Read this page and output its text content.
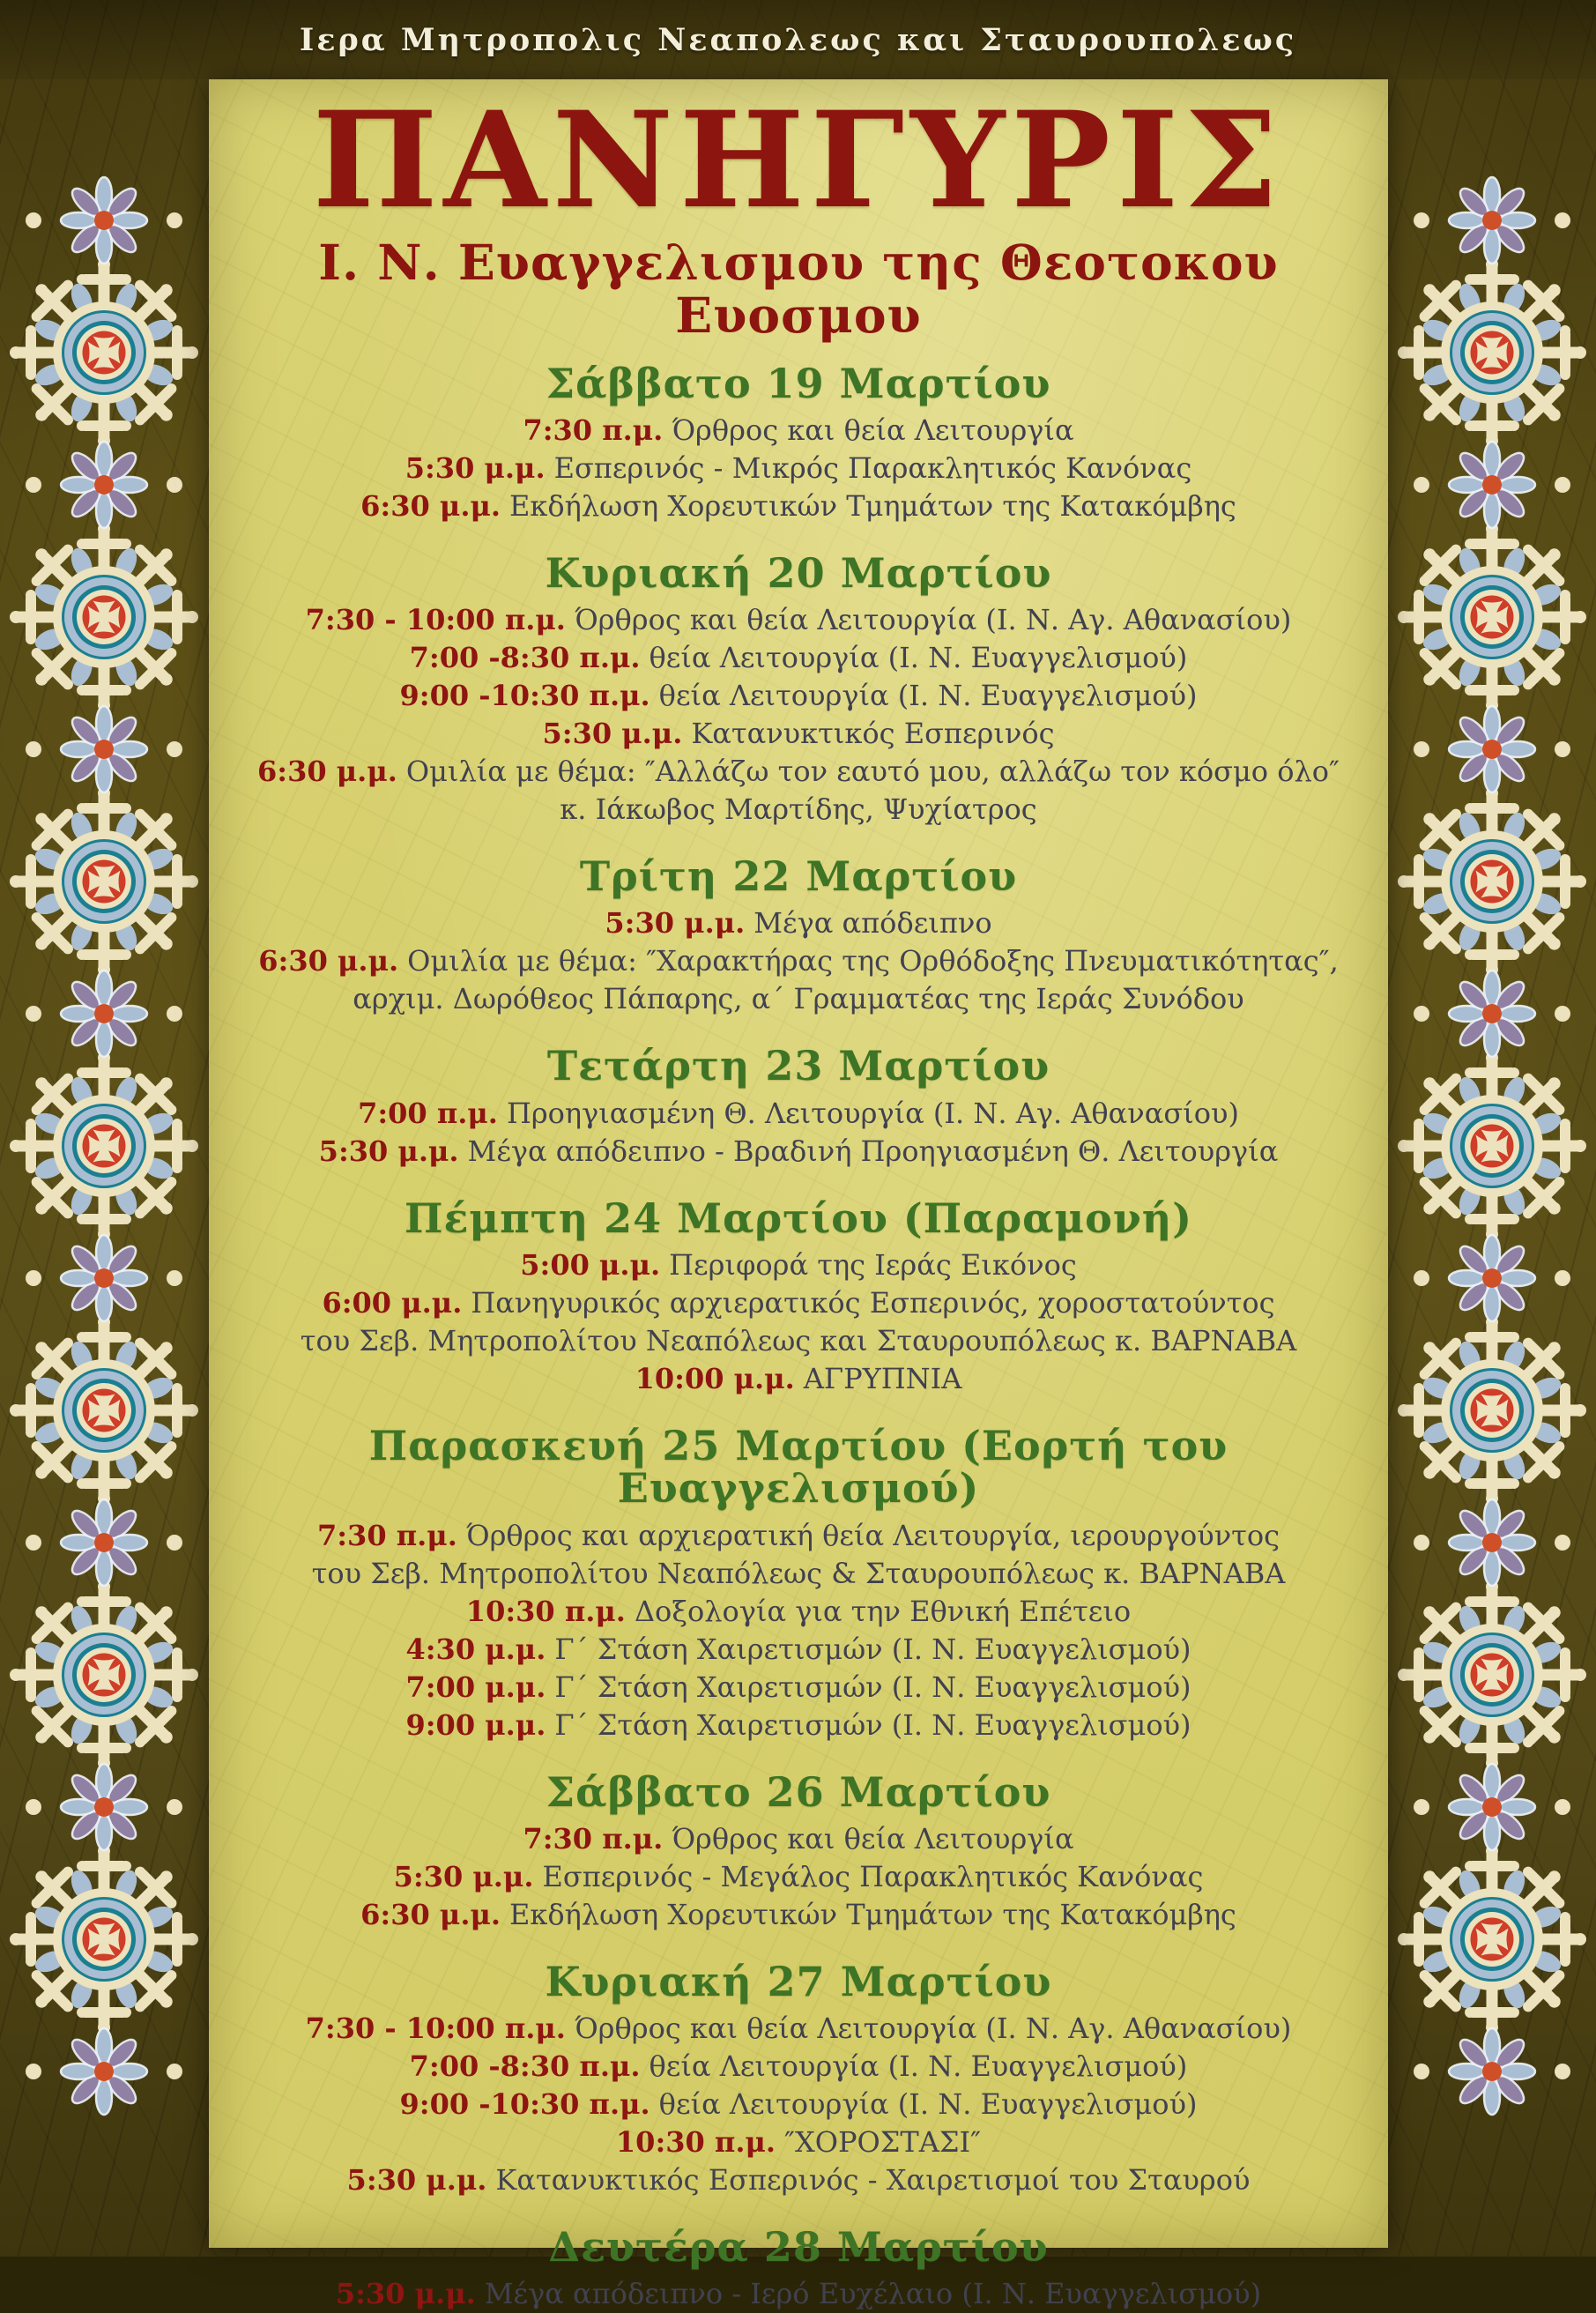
Ιερα Μητροπολις Νεαπολεως και Σταυρουπολεως
ΠΑΝΗΓΥΡΙΣ
Ι. Ν. Ευαγγελισμου της Θεοτοκου Ευοσμου
Σάββατο 19 Μαρτίου

7:30 π.μ. Όρθρος και θεία Λειτουργία

5:30 μ.μ. Εσπερινός - Μικρός Παρακλητικός Κανόνας

6:30 μ.μ. Εκδήλωση Χορευτικών Τμημάτων της Κατακόμβης

Κυριακή 20 Μαρτίου

7:30 - 10:00 π.μ. Όρθρος και θεία Λειτουργία (Ι. Ν. Αγ. Αθανασίου)

7:00 -8:30 π.μ. θεία Λειτουργία (Ι. Ν. Ευαγγελισμού)

9:00 -10:30 π.μ. θεία Λειτουργία (Ι. Ν. Ευαγγελισμού)

5:30 μ.μ. Κατανυκτικός Εσπερινός

6:30 μ.μ. Ομιλία με θέμα: ″Αλλάζω τον εαυτό μου, αλλάζω τον κόσμο όλο″

κ. Ιάκωβος Μαρτίδης, Ψυχίατρος

Τρίτη 22 Μαρτίου

5:30 μ.μ. Μέγα απόδειπνο

6:30 μ.μ. Ομιλία με θέμα: ″Χαρακτήρας της Ορθόδοξης Πνευματικότητας″,

αρχιμ. Δωρόθεος Πάπαρης, α΄ Γραμματέας της Ιεράς Συνόδου

Τετάρτη 23 Μαρτίου

7:00 π.μ. Προηγιασμένη Θ. Λειτουργία (Ι. Ν. Αγ. Αθανασίου)

5:30 μ.μ. Μέγα απόδειπνο - Βραδινή Προηγιασμένη Θ. Λειτουργία

Πέμπτη 24 Μαρτίου (Παραμονή)

5:00 μ.μ. Περιφορά της Ιεράς Εικόνος

6:00 μ.μ. Πανηγυρικός αρχιερατικός Εσπερινός, χοροστατούντος

του Σεβ. Μητροπολίτου Νεαπόλεως και Σταυρουπόλεως κ. ΒΑΡΝΑΒΑ

10:00 μ.μ. ΑΓΡΥΠΝΙΑ

Παρασκευή 25 Μαρτίου (Εορτή του Ευαγγελισμού)

7:30 π.μ. Όρθρος και αρχιερατική θεία Λειτουργία, ιερουργούντος

του Σεβ. Μητροπολίτου Νεαπόλεως & Σταυρουπόλεως κ. ΒΑΡΝΑΒΑ

10:30 π.μ. Δοξολογία για την Εθνική Επέτειο

4:30 μ.μ. Γ΄ Στάση Χαιρετισμών (Ι. Ν. Ευαγγελισμού)

7:00 μ.μ. Γ΄ Στάση Χαιρετισμών (Ι. Ν. Ευαγγελισμού)

9:00 μ.μ. Γ΄ Στάση Χαιρετισμών (Ι. Ν. Ευαγγελισμού)

Σάββατο 26 Μαρτίου

7:30 π.μ. Όρθρος και θεία Λειτουργία

5:30 μ.μ. Εσπερινός - Μεγάλος Παρακλητικός Κανόνας

6:30 μ.μ. Εκδήλωση Χορευτικών Τμημάτων της Κατακόμβης

Κυριακή 27 Μαρτίου

7:30 - 10:00 π.μ. Όρθρος και θεία Λειτουργία (Ι. Ν. Αγ. Αθανασίου)

7:00 -8:30 π.μ. θεία Λειτουργία (Ι. Ν. Ευαγγελισμού)

9:00 -10:30 π.μ. θεία Λειτουργία (Ι. Ν. Ευαγγελισμού)

10:30 π.μ. ″ΧΟΡΟΣΤΑΣΙ″

5:30 μ.μ. Κατανυκτικός Εσπερινός - Χαιρετισμοί του Σταυρού

Δευτέρα 28 Μαρτίου

5:30 μ.μ. Μέγα απόδειπνο - Ιερό Ευχέλαιο (Ι. Ν. Ευαγγελισμού)
